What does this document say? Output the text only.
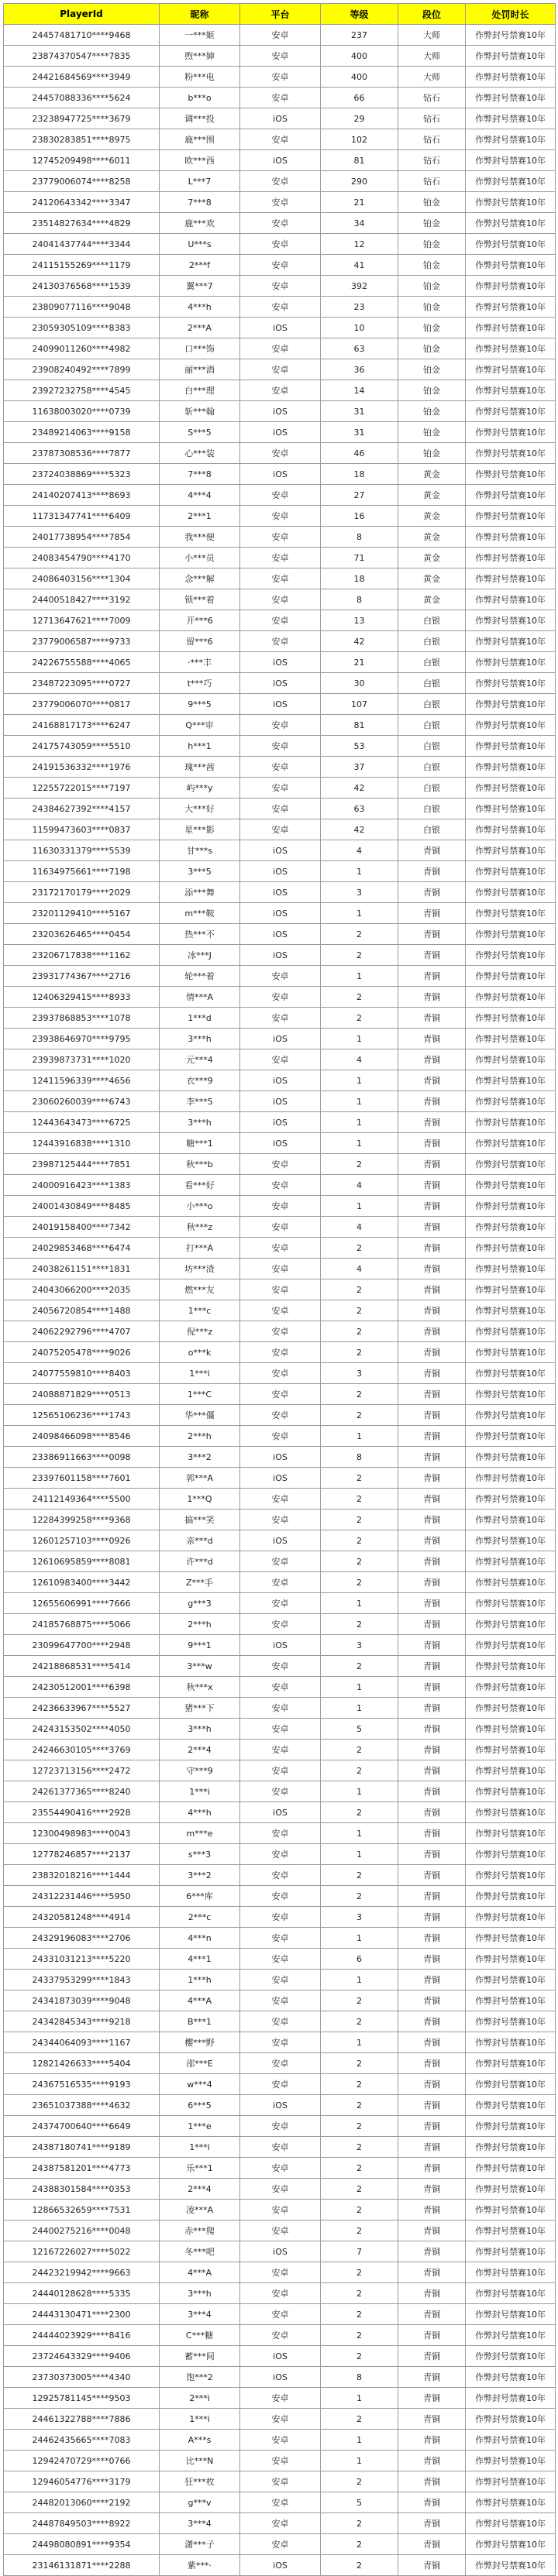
PlayerId	昵称	平台	等级	段位	处罚时长
24457481710****9468	一***姬	安卓	237	大师	作弊封号禁赛10年
23874370547****7835	煦***婶	安卓	400	大师	作弊封号禁赛10年
24421684569****3949	粉***电	安卓	400	大师	作弊封号禁赛10年
24457088336****5624	b***o	安卓	66	钻石	作弊封号禁赛10年
23238947725****3679	调***投	iOS	29	钻石	作弊封号禁赛10年
23830283851****8975	鹿***围	安卓	102	钻石	作弊封号禁赛10年
12745209498****6011	欧***西	iOS	81	钻石	作弊封号禁赛10年
23779006074****8258	L***7	安卓	290	钻石	作弊封号禁赛10年
24120643342****3347	7***8	安卓	21	铂金	作弊封号禁赛10年
23514827634****4829	鹿***欢	安卓	34	铂金	作弊封号禁赛10年
24041437744****3344	U***s	安卓	12	铂金	作弊封号禁赛10年
24115155269****1179	2***f	安卓	41	铂金	作弊封号禁赛10年
24130376568****1539	翼***7	安卓	392	铂金	作弊封号禁赛10年
23809077116****9048	4***h	安卓	23	铂金	作弊封号禁赛10年
23059305109****8383	2***A	iOS	10	铂金	作弊封号禁赛10年
24099011260****4982	口***饰	安卓	63	铂金	作弊封号禁赛10年
23908240492****7899	丽***酒	安卓	36	铂金	作弊封号禁赛10年
23927232758****4545	白***理	安卓	14	铂金	作弊封号禁赛10年
11638003020****0739	斩***翰	iOS	31	铂金	作弊封号禁赛10年
23489214063****9158	S***5	iOS	31	铂金	作弊封号禁赛10年
23787308536****7877	心***装	安卓	46	铂金	作弊封号禁赛10年
23724038869****5323	7***8	iOS	18	黄金	作弊封号禁赛10年
24140207413****8693	4***4	安卓	27	黄金	作弊封号禁赛10年
11731347741****6409	2***1	安卓	16	黄金	作弊封号禁赛10年
24017738954****7854	我***便	安卓	8	黄金	作弊封号禁赛10年
24083454790****4170	小***员	安卓	71	黄金	作弊封号禁赛10年
24086403156****1304	念***解	安卓	18	黄金	作弊封号禁赛10年
24400518427****3192	锁***着	安卓	8	黄金	作弊封号禁赛10年
12713647621****7009	开***6	安卓	13	白银	作弊封号禁赛10年
23779006587****9733	留***6	安卓	42	白银	作弊封号禁赛10年
24226755588****4065	·***丰	iOS	21	白银	作弊封号禁赛10年
23487223095****0727	t***巧	iOS	30	白银	作弊封号禁赛10年
23779006070****0817	9***5	iOS	107	白银	作弊封号禁赛10年
24168817173****6247	Q***审	安卓	81	白银	作弊封号禁赛10年
24175743059****5510	h***1	安卓	53	白银	作弊封号禁赛10年
24191536332****1976	瑰***茜	安卓	37	白银	作弊封号禁赛10年
12255722015****7197	屿***y	安卓	42	白银	作弊封号禁赛10年
24384627392****4157	大***好	安卓	63	白银	作弊封号禁赛10年
11599473603****0837	星***影	安卓	42	白银	作弊封号禁赛10年
11630331379****5539	甘***s	iOS	4	青铜	作弊封号禁赛10年
11634975661****7198	3***5	iOS	1	青铜	作弊封号禁赛10年
23172170179****2029	添***舞	iOS	3	青铜	作弊封号禁赛10年
23201129410****5167	m***鞍	iOS	1	青铜	作弊封号禁赛10年
23203626465****0454	热***不	iOS	2	青铜	作弊封号禁赛10年
23206717838****1162	冰***J	iOS	2	青铜	作弊封号禁赛10年
23931774367****2716	轮***着	安卓	1	青铜	作弊封号禁赛10年
12406329415****8933	情***A	安卓	2	青铜	作弊封号禁赛10年
23937868853****1078	1***d	安卓	2	青铜	作弊封号禁赛10年
23938646970****9795	3***h	iOS	1	青铜	作弊封号禁赛10年
23939873731****1020	元***4	安卓	4	青铜	作弊封号禁赛10年
12411596339****4656	衣***9	iOS	1	青铜	作弊封号禁赛10年
23060260039****6743	李***5	iOS	1	青铜	作弊封号禁赛10年
12443643473****6725	3***h	iOS	1	青铜	作弊封号禁赛10年
12443916838****1310	糖***1	iOS	1	青铜	作弊封号禁赛10年
23987125444****7851	秋***b	安卓	2	青铜	作弊封号禁赛10年
24000916423****1383	看***好	安卓	4	青铜	作弊封号禁赛10年
24001430849****8485	小***o	安卓	1	青铜	作弊封号禁赛10年
24019158400****7342	秋***z	安卓	4	青铜	作弊封号禁赛10年
24029853468****6474	打***A	安卓	2	青铜	作弊封号禁赛10年
24038261151****1831	坊***渣	安卓	4	青铜	作弊封号禁赛10年
24043066200****2035	燃***友	安卓	2	青铜	作弊封号禁赛10年
24056720854****1488	1***c	安卓	2	青铜	作弊封号禁赛10年
24062292796****4707	倪***z	安卓	2	青铜	作弊封号禁赛10年
24075205478****9026	o***k	安卓	2	青铜	作弊封号禁赛10年
24077559810****8403	1***i	安卓	3	青铜	作弊封号禁赛10年
24088871829****0513	1***C	安卓	2	青铜	作弊封号禁赛10年
12565106236****1743	华***僵	安卓	2	青铜	作弊封号禁赛10年
24098466098****8546	2***h	安卓	1	青铜	作弊封号禁赛10年
23386911663****0098	3***2	iOS	8	青铜	作弊封号禁赛10年
23397601158****7601	郭***A	iOS	2	青铜	作弊封号禁赛10年
24112149364****5500	1***Q	安卓	2	青铜	作弊封号禁赛10年
12284399258****9368	搞***笑	安卓	2	青铜	作弊封号禁赛10年
12601257103****0926	亲***d	iOS	2	青铜	作弊封号禁赛10年
12610695859****8081	许***d	安卓	2	青铜	作弊封号禁赛10年
12610983400****3442	Z***手	安卓	2	青铜	作弊封号禁赛10年
12655606991****7666	g***3	安卓	1	青铜	作弊封号禁赛10年
24185768875****5066	2***h	安卓	2	青铜	作弊封号禁赛10年
23099647700****2948	9***1	iOS	3	青铜	作弊封号禁赛10年
24218868531****5414	3***w	安卓	2	青铜	作弊封号禁赛10年
24230512001****6398	秋***x	安卓	1	青铜	作弊封号禁赛10年
24236633967****5527	猪***下	安卓	1	青铜	作弊封号禁赛10年
24243153502****4050	3***h	安卓	5	青铜	作弊封号禁赛10年
24246630105****3769	2***4	安卓	2	青铜	作弊封号禁赛10年
12723713156****2472	守***9	安卓	2	青铜	作弊封号禁赛10年
24261377365****8240	1***i	安卓	1	青铜	作弊封号禁赛10年
23554490416****2928	4***h	iOS	2	青铜	作弊封号禁赛10年
12300498983****0043	m***e	安卓	1	青铜	作弊封号禁赛10年
12778246857****2137	s***3	安卓	1	青铜	作弊封号禁赛10年
23832018216****1444	3***2	安卓	2	青铜	作弊封号禁赛10年
24312231446****5950	6***库	安卓	2	青铜	作弊封号禁赛10年
24320581248****4914	2***c	安卓	3	青铜	作弊封号禁赛10年
24329196083****2706	4***n	安卓	1	青铜	作弊封号禁赛10年
24331031213****5220	4***1	安卓	6	青铜	作弊封号禁赛10年
24337953299****1843	1***h	安卓	1	青铜	作弊封号禁赛10年
24341873039****9048	4***A	安卓	2	青铜	作弊封号禁赛10年
24342845343****9218	B***1	安卓	2	青铜	作弊封号禁赛10年
24344064093****1167	樱***野	安卓	1	青铜	作弊封号禁赛10年
12821426633****5404	邵***E	安卓	2	青铜	作弊封号禁赛10年
24367516535****9193	w***4	安卓	2	青铜	作弊封号禁赛10年
23651037388****4632	6***5	iOS	2	青铜	作弊封号禁赛10年
24374700640****6649	1***e	安卓	2	青铜	作弊封号禁赛10年
24387180741****9189	1***i	安卓	2	青铜	作弊封号禁赛10年
24387581201****4773	乐***1	安卓	2	青铜	作弊封号禁赛10年
24388301584****0353	2***4	安卓	2	青铜	作弊封号禁赛10年
12866532659****7531	凌***A	安卓	2	青铜	作弊封号禁赛10年
24400275216****0048	赤***爬	安卓	2	青铜	作弊封号禁赛10年
12167226027****5022	冬***吧	iOS	7	青铜	作弊封号禁赛10年
24423219942****9663	4***A	安卓	2	青铜	作弊封号禁赛10年
24440128628****5335	3***h	安卓	2	青铜	作弊封号禁赛10年
24443130471****2300	3***4	安卓	2	青铜	作弊封号禁赛10年
24444023929****8416	C***糖	安卓	2	青铜	作弊封号禁赛10年
23724643329****9406	蓄***间	iOS	2	青铜	作弊封号禁赛10年
23730373005****4340	饱***2	iOS	8	青铜	作弊封号禁赛10年
12925781145****9503	2***i	安卓	1	青铜	作弊封号禁赛10年
24461322788****7886	1***i	安卓	2	青铜	作弊封号禁赛10年
24462435665****7083	A***s	安卓	1	青铜	作弊封号禁赛10年
12942470729****0766	比***N	安卓	1	青铜	作弊封号禁赛10年
12946054776****3179	狂***枚	安卓	2	青铜	作弊封号禁赛10年
24482013060****2192	g***v	安卓	5	青铜	作弊封号禁赛10年
24487849503****8922	3***4	安卓	2	青铜	作弊封号禁赛10年
24498080891****9354	潇***子	安卓	2	青铜	作弊封号禁赛10年
23146131871****2288	紫***·	iOS	2	青铜	作弊封号禁赛10年
